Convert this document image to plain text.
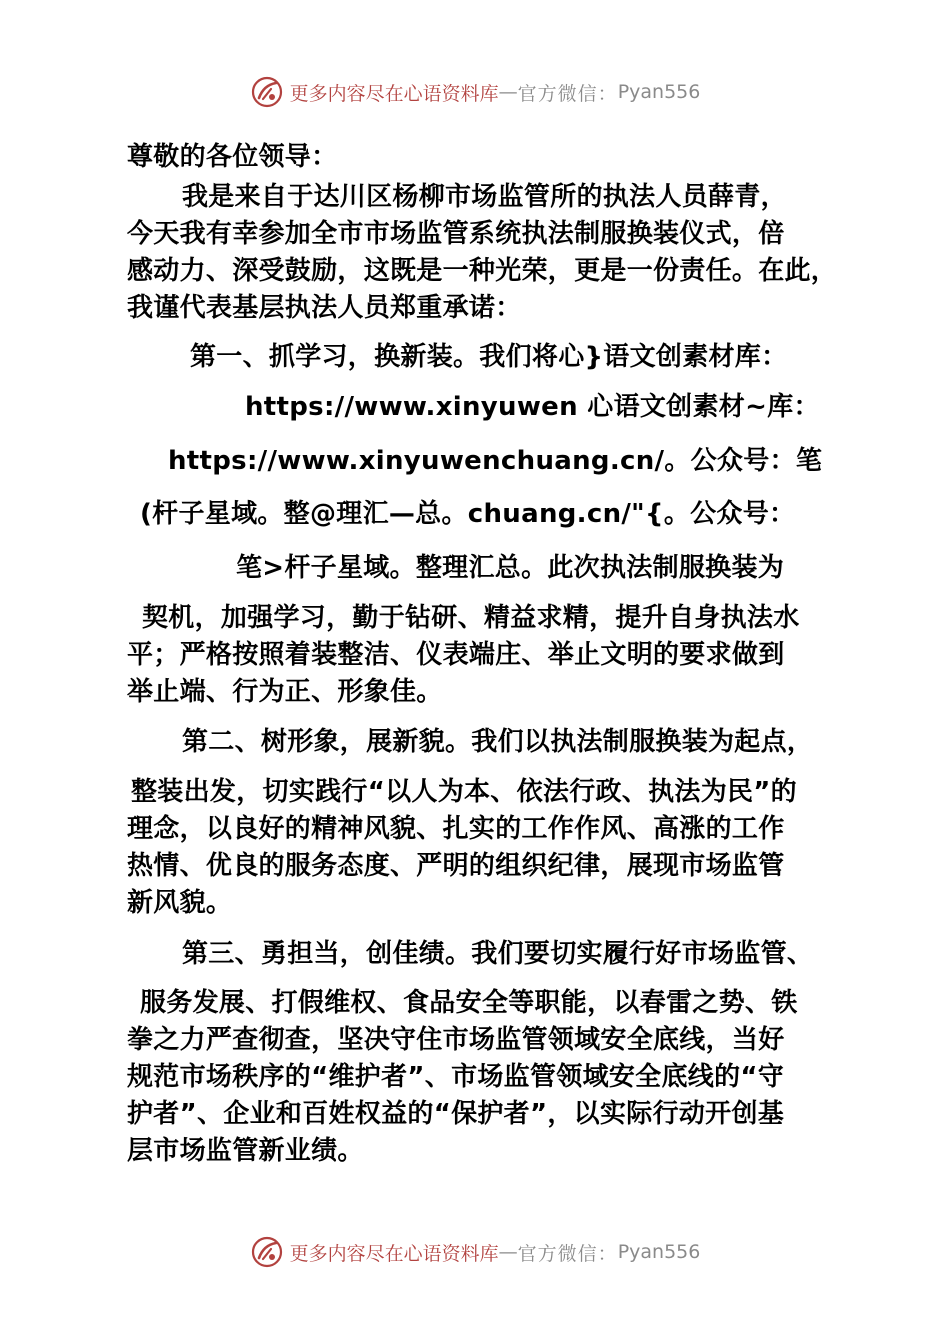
更多内容尽在心语资料库 — 官方微信： Pyan556
尊敬的各位领导：
我是来自于达川区杨柳市场监管所的执法人员薛青，
今天我有幸参加全市市场监管系统执法制服换装仪式，倍
感动力、深受鼓励，这既是一种光荣，更是一份责任。在此，
我谨代表基层执法人员郑重承诺：
第一、抓学习，换新装。我们将心}语文创素材库：
https://www.xinyuwen 心语文创素材~库：
https://www.xinyuwenchuang.cn/。公众号：笔
(杆子星域。整@理汇—总。chuang.cn/"{。公众号：
笔>杆子星域。整理汇总。此次执法制服换装为
契机，加强学习，勤于钻研、精益求精，提升自身执法水
平；严格按照着装整洁、仪表端庄、举止文明的要求做到
举止端、行为正、形象佳。
第二、树形象，展新貌。我们以执法制服换装为起点，
整装出发，切实践行“以人为本、依法行政、执法为民”的
理念，以良好的精神风貌、扎实的工作作风、高涨的工作
热情、优良的服务态度、严明的组织纪律，展现市场监管
新风貌。
第三、勇担当，创佳绩。我们要切实履行好市场监管、
服务发展、打假维权、食品安全等职能，以春雷之势、铁
拳之力严查彻查，坚决守住市场监管领域安全底线，当好
规范市场秩序的“维护者”、市场监管领域安全底线的“守
护者”、企业和百姓权益的“保护者”，以实际行动开创基
层市场监管新业绩。
更多内容尽在心语资料库 — 官方微信： Pyan556
